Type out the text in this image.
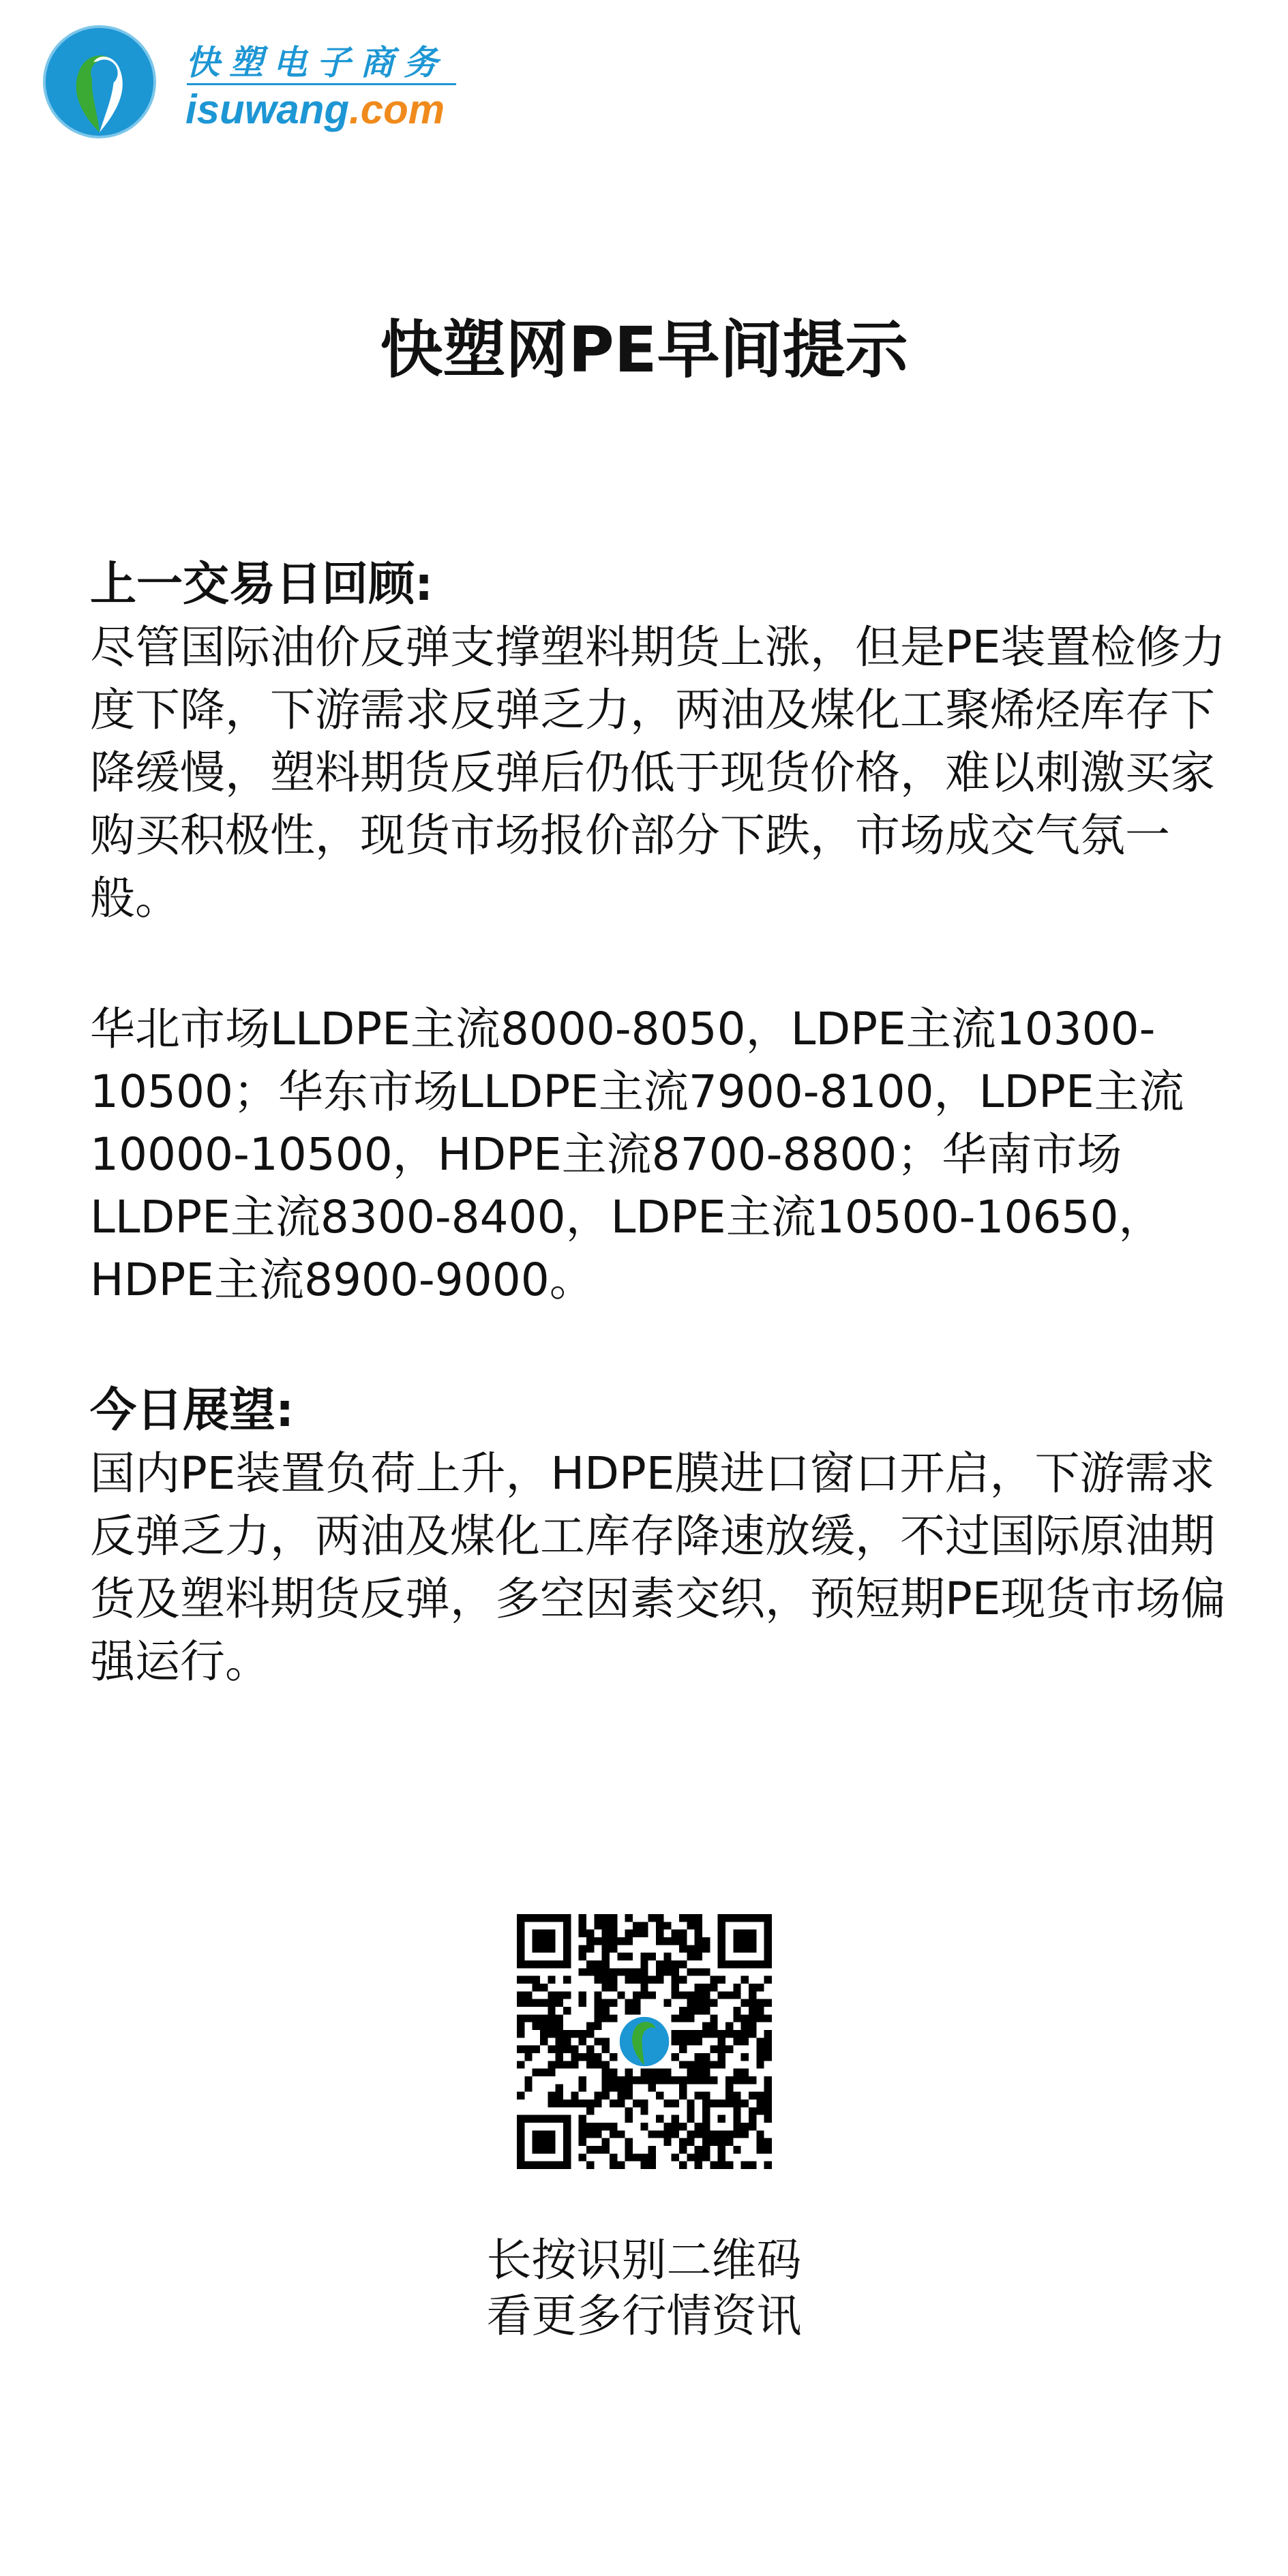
快塑电子商务
isuwang.com
快塑网PE早间提示

上一交易日回顾:

尽管国际油价反弹支撑塑料期货上涨，但是PE装置检修力度下降，下游需求反弹乏力，两油及煤化工聚烯烃库存下降缓慢，塑料期货反弹后仍低于现货价格，难以刺激买家购买积极性，现货市场报价部分下跌，市场成交气氛一般。

华北市场LLDPE主流8000-8050，LDPE主流10300-10500；华东市场LLDPE主流7900-8100，LDPE主流10000-10500，HDPE主流8700-8800；华南市场LLDPE主流8300-8400，LDPE主流10500-10650，HDPE主流8900-9000。

今日展望:

国内PE装置负荷上升，HDPE膜进口窗口开启，下游需求反弹乏力，两油及煤化工库存降速放缓，不过国际原油期货及塑料期货反弹，多空因素交织，预短期PE现货市场偏强运行。

长按识别二维码
看更多行情资讯
